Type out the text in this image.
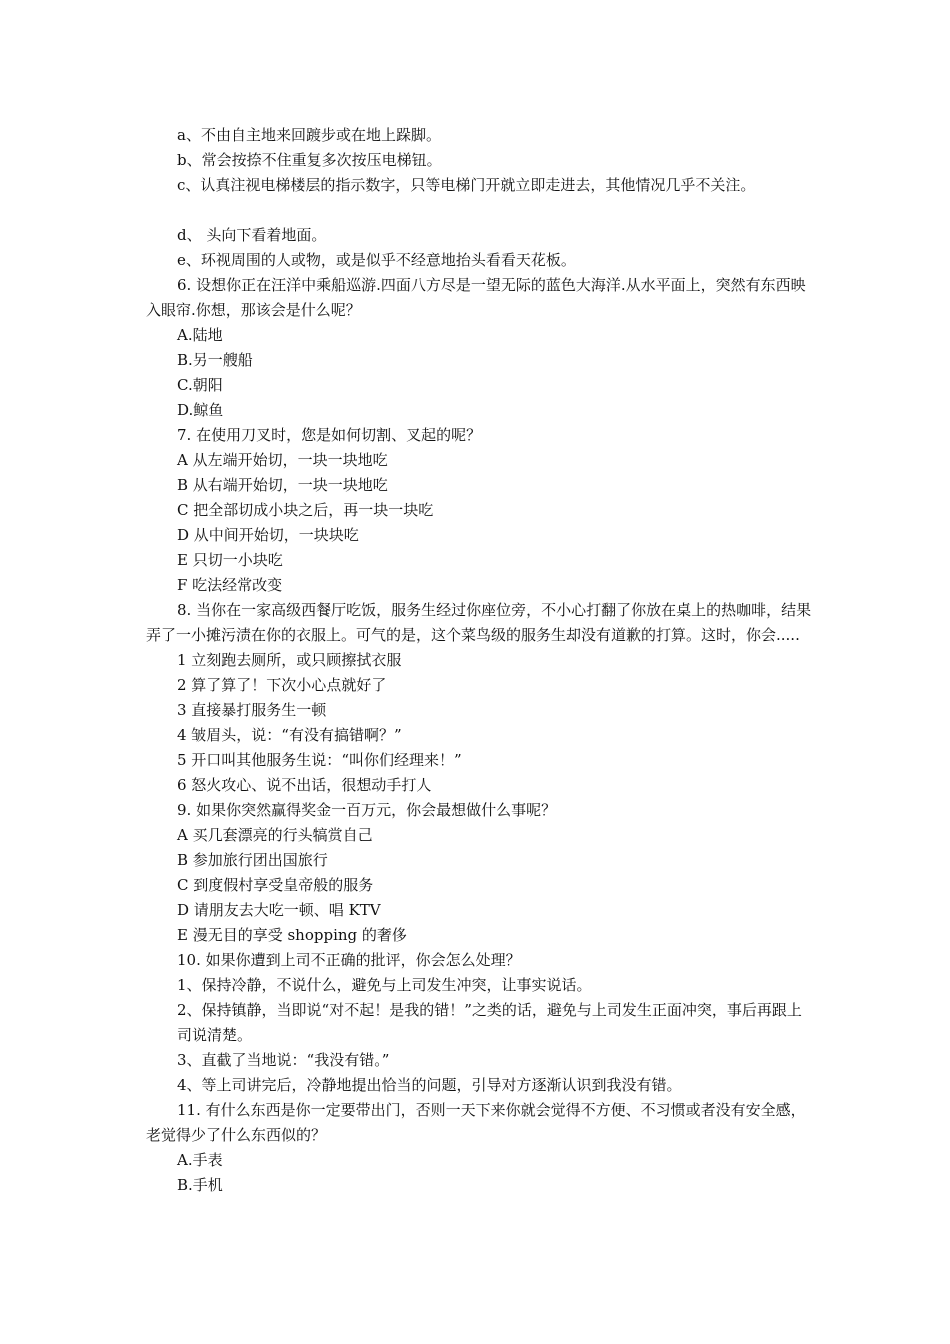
a、不由自主地来回踱步或在地上跺脚。
b、常会按捺不住重复多次按压电梯钮。
c、认真注视电梯楼层的指示数字，只等电梯门开就立即走进去，其他情况几乎不关注。
d、 头向下看着地面。
e、环视周围的人或物，或是似乎不经意地抬头看看天花板。
6. 设想你正在汪洋中乘船巡游.四面八方尽是一望无际的蓝色大海洋.从水平面上，突然有东西映入眼帘.你想，那该会是什么呢？
A.陆地
B.另一艘船
C.朝阳
D.鲸鱼
7. 在使用刀叉时，您是如何切割、叉起的呢？
A 从左端开始切，一块一块地吃
B 从右端开始切，一块一块地吃
C 把全部切成小块之后，再一块一块吃
D 从中间开始切，一块块吃
E 只切一小块吃
F 吃法经常改变
8. 当你在一家高级西餐厅吃饭，服务生经过你座位旁，不小心打翻了你放在桌上的热咖啡，结果弄了一小摊污渍在你的衣服上。可气的是，这个菜鸟级的服务生却没有道歉的打算。这时，你会.....
1 立刻跑去厕所，或只顾擦拭衣服
2 算了算了！下次小心点就好了
3 直接暴打服务生一顿
4 皱眉头，说：“有没有搞错啊？”
5 开口叫其他服务生说：“叫你们经理来！”
6 怒火攻心、说不出话，很想动手打人
9. 如果你突然赢得奖金一百万元，你会最想做什么事呢？
A 买几套漂亮的行头犒赏自己
B 参加旅行团出国旅行
C 到度假村享受皇帝般的服务
D 请朋友去大吃一顿、唱 KTV
E 漫无目的享受 shopping 的奢侈
10. 如果你遭到上司不正确的批评，你会怎么处理？
1、保持冷静，不说什么，避免与上司发生冲突，让事实说话。
2、保持镇静，当即说“对不起！是我的错！”之类的话，避免与上司发生正面冲突，事后再跟上司说清楚。
3、直截了当地说：“我没有错。”
4、等上司讲完后，冷静地提出恰当的问题，引导对方逐渐认识到我没有错。
11. 有什么东西是你一定要带出门，否则一天下来你就会觉得不方便、不习惯或者没有安全感，老觉得少了什么东西似的？
A.手表
B.手机
